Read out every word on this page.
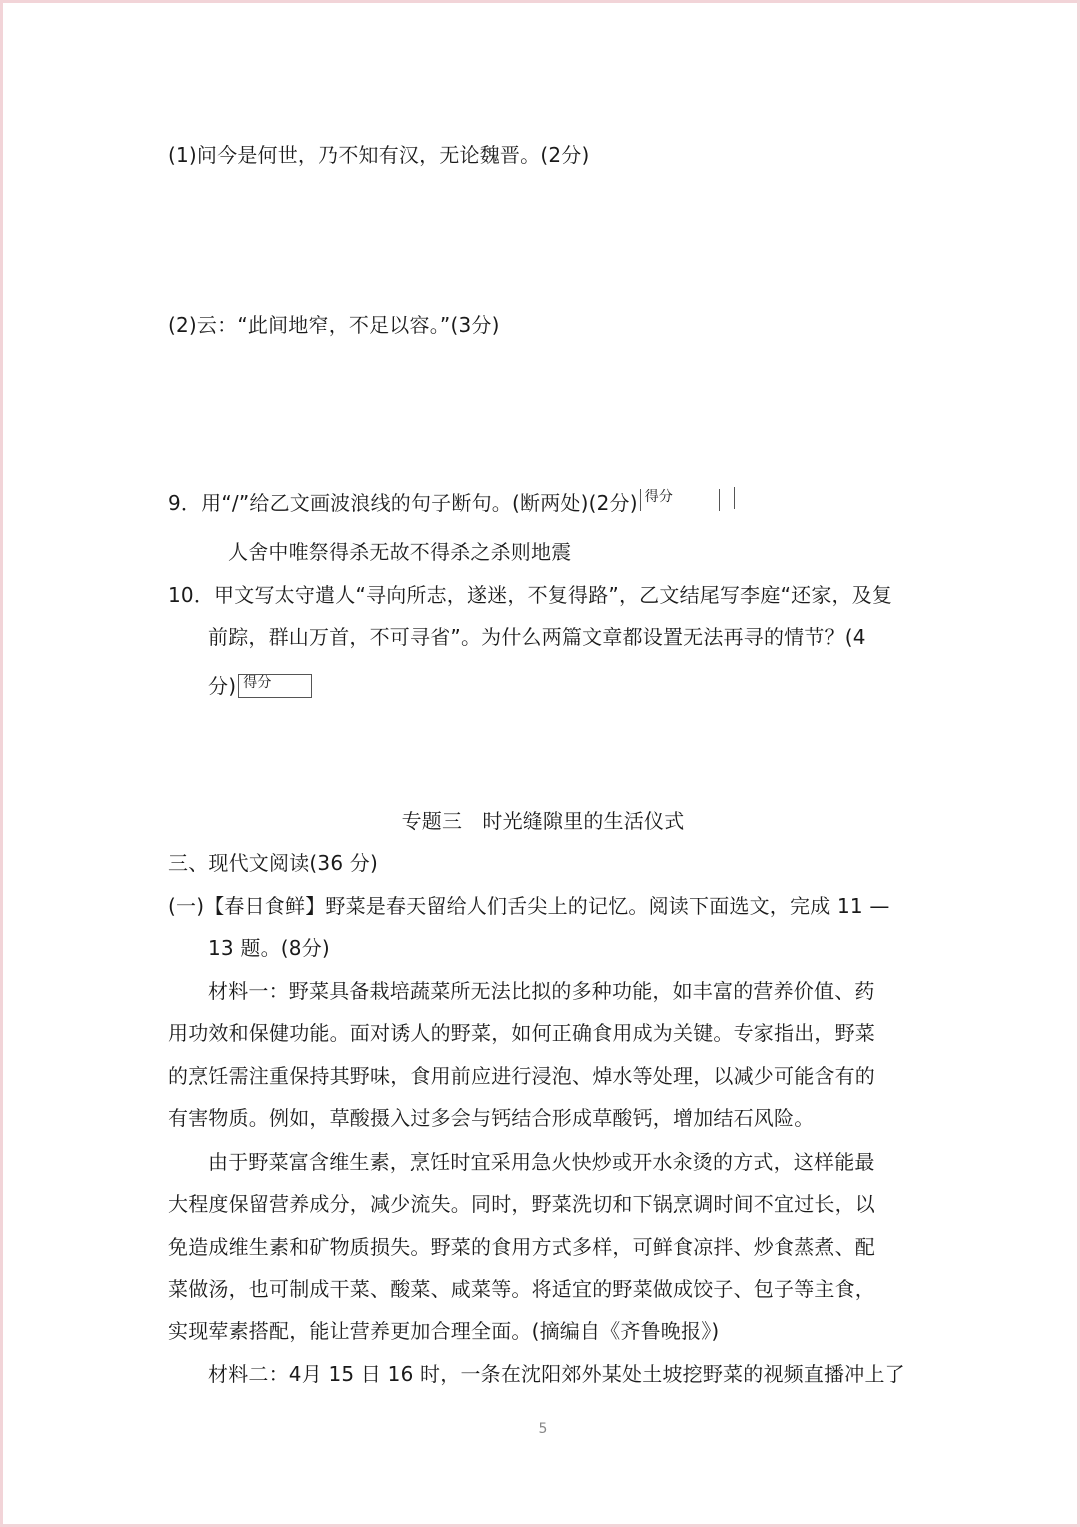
(1)问今是何世，乃不知有汉，无论魏晋。(2分)
(2)云：“此间地窄，不足以容。”(3分)
9．用“/”给乙文画波浪线的句子断句。(断两处)(2分) 得分
人舍中唯祭得杀无故不得杀之杀则地震
10．甲文写太守遣人“寻向所志，遂迷，不复得路”，乙文结尾写李庭“还家，及复
前踪，群山万首，不可寻省”。为什么两篇文章都设置无法再寻的情节？(4
分) 得分
专题三　时光缝隙里的生活仪式
三、现代文阅读(36 分)
(一)【春日食鲜】野菜是春天留给人们舌尖上的记忆。阅读下面选文，完成 11 —
13 题。(8分)
材料一：野菜具备栽培蔬菜所无法比拟的多种功能，如丰富的营养价值、药
用功效和保健功能。面对诱人的野菜，如何正确食用成为关键。专家指出，野菜
的烹饪需注重保持其野味，食用前应进行浸泡、焯水等处理，以减少可能含有的
有害物质。例如，草酸摄入过多会与钙结合形成草酸钙，增加结石风险。
由于野菜富含维生素，烹饪时宜采用急火快炒或开水汆烫的方式，这样能最
大程度保留营养成分，减少流失。同时，野菜洗切和下锅烹调时间不宜过长，以
免造成维生素和矿物质损失。野菜的食用方式多样，可鲜食凉拌、炒食蒸煮、配
菜做汤，也可制成干菜、酸菜、咸菜等。将适宜的野菜做成饺子、包子等主食，
实现荤素搭配，能让营养更加合理全面。(摘编自《齐鲁晚报》)
材料二：4月 15 日 16 时，一条在沈阳郊外某处土坡挖野菜的视频直播冲上了
5
